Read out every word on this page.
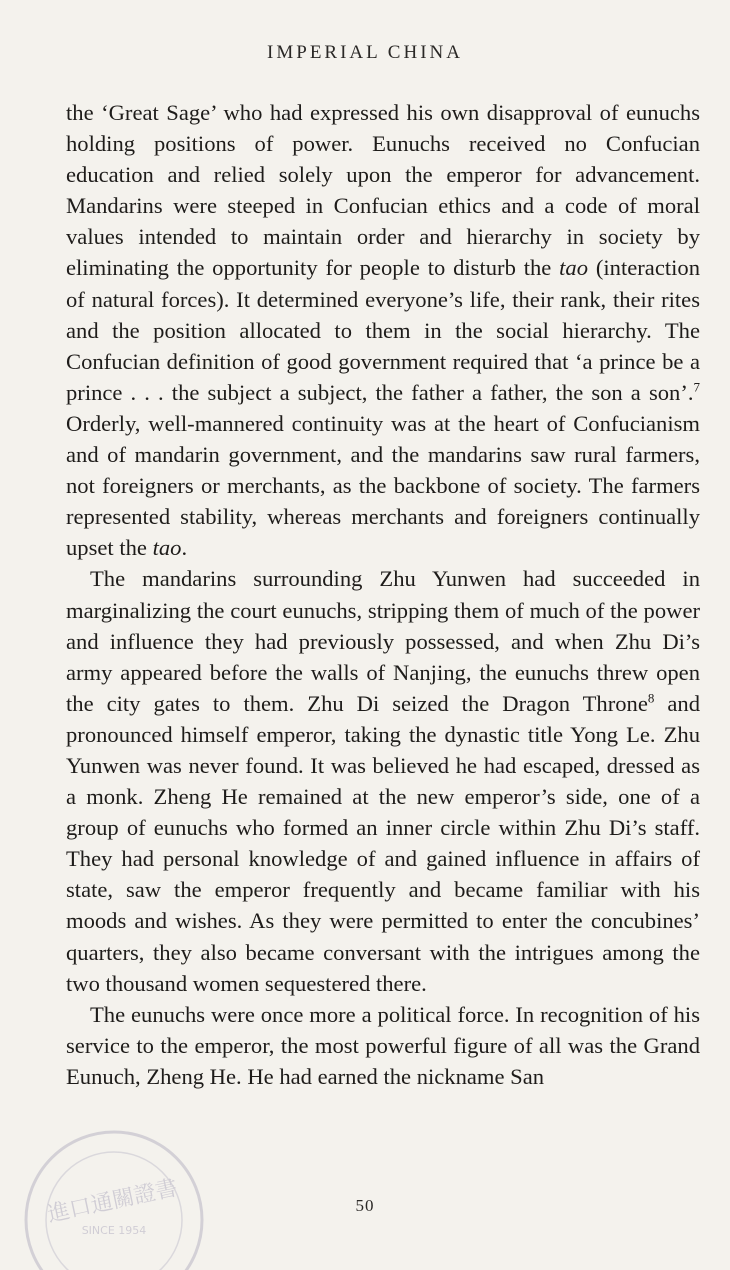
IMPERIAL CHINA

the ‘Great Sage’ who had expressed his own disapproval of eunuchs holding positions of power. Eunuchs received no Confucian education and relied solely upon the emperor for advancement. Mandarins were steeped in Confucian ethics and a code of moral values intended to maintain order and hierarchy in society by eliminating the opportunity for people to disturb the tao (interaction of natural forces). It determined everyone’s life, their rank, their rites and the position allocated to them in the social hierarchy. The Confucian definition of good government required that ‘a prince be a prince . . . the subject a subject, the father a father, the son a son’.$^7$ Orderly, well-mannered continuity was at the heart of Confucianism and of mandarin government, and the mandarins saw rural farmers, not foreigners or merchants, as the backbone of society. The farmers represented stability, whereas merchants and foreigners continually upset the tao.

The mandarins surrounding Zhu Yunwen had succeeded in marginalizing the court eunuchs, stripping them of much of the power and influence they had previously possessed, and when Zhu Di’s army appeared before the walls of Nanjing, the eunuchs threw open the city gates to them. Zhu Di seized the Dragon Throne$^8$ and pronounced himself emperor, taking the dynastic title Yong Le. Zhu Yunwen was never found. It was believed he had escaped, dressed as a monk. Zheng He remained at the new emperor’s side, one of a group of eunuchs who formed an inner circle within Zhu Di’s staff. They had personal knowledge of and gained influence in affairs of state, saw the emperor frequently and became familiar with his moods and wishes. As they were permitted to enter the concubines’ quarters, they also became conversant with the intrigues among the two thousand women sequestered there.

The eunuchs were once more a political force. In recognition of his service to the emperor, the most powerful figure of all was the Grand Eunuch, Zheng He. He had earned the nickname San

50
進口通關證書
SINCE 1954
